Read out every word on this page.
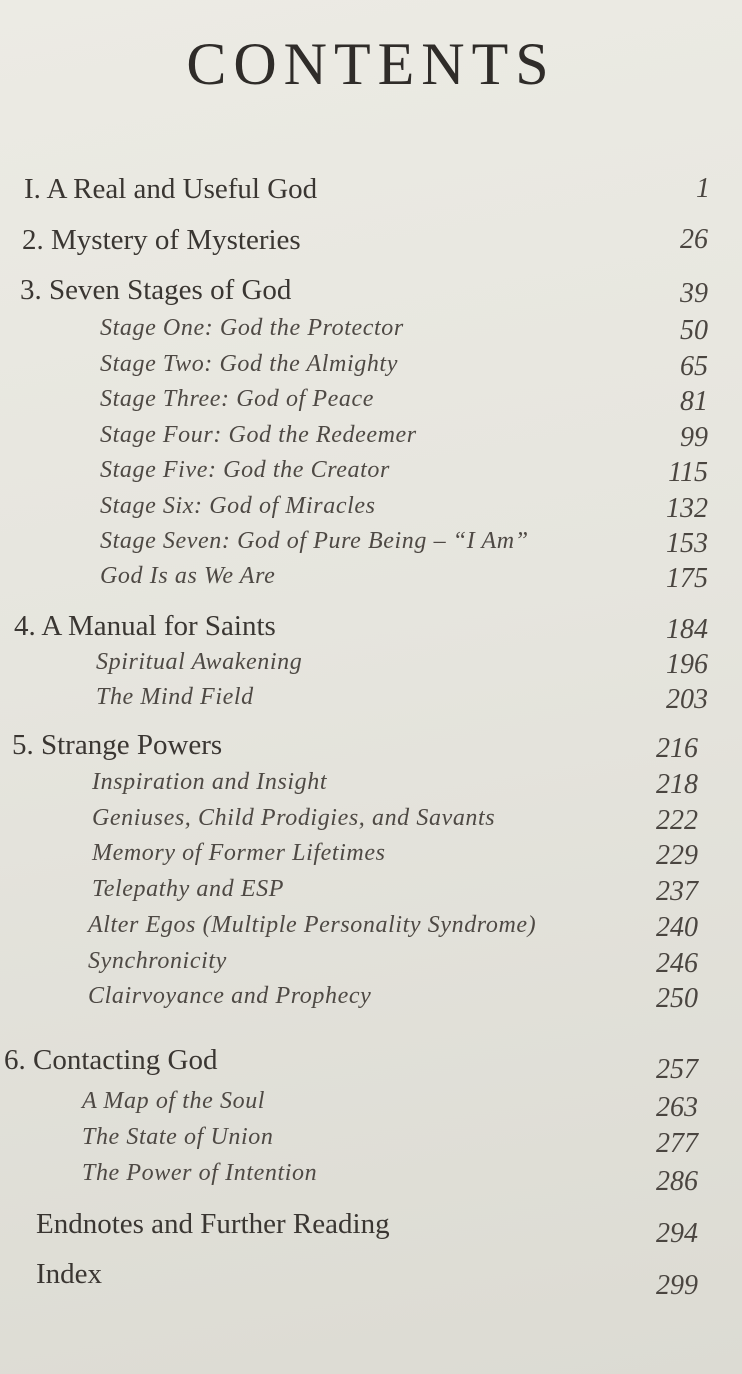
CONTENTS
I. A Real and Useful God	1
2. Mystery of Mysteries	26
3. Seven Stages of God	39
Stage One: God the Protector	50
Stage Two: God the Almighty	65
Stage Three: God of Peace	81
Stage Four: God the Redeemer	99
Stage Five: God the Creator	115
Stage Six: God of Miracles	132
Stage Seven: God of Pure Being – “I Am”	153
God Is as We Are	175
4. A Manual for Saints	184
Spiritual Awakening	196
The Mind Field	203
5. Strange Powers	216
Inspiration and Insight	218
Geniuses, Child Prodigies, and Savants	222
Memory of Former Lifetimes	229
Telepathy and ESP	237
Alter Egos (Multiple Personality Syndrome)	240
Synchronicity	246
Clairvoyance and Prophecy	250
6. Contacting God	257
A Map of the Soul	263
The State of Union	277
The Power of Intention	286
Endnotes and Further Reading	294
Index	299
